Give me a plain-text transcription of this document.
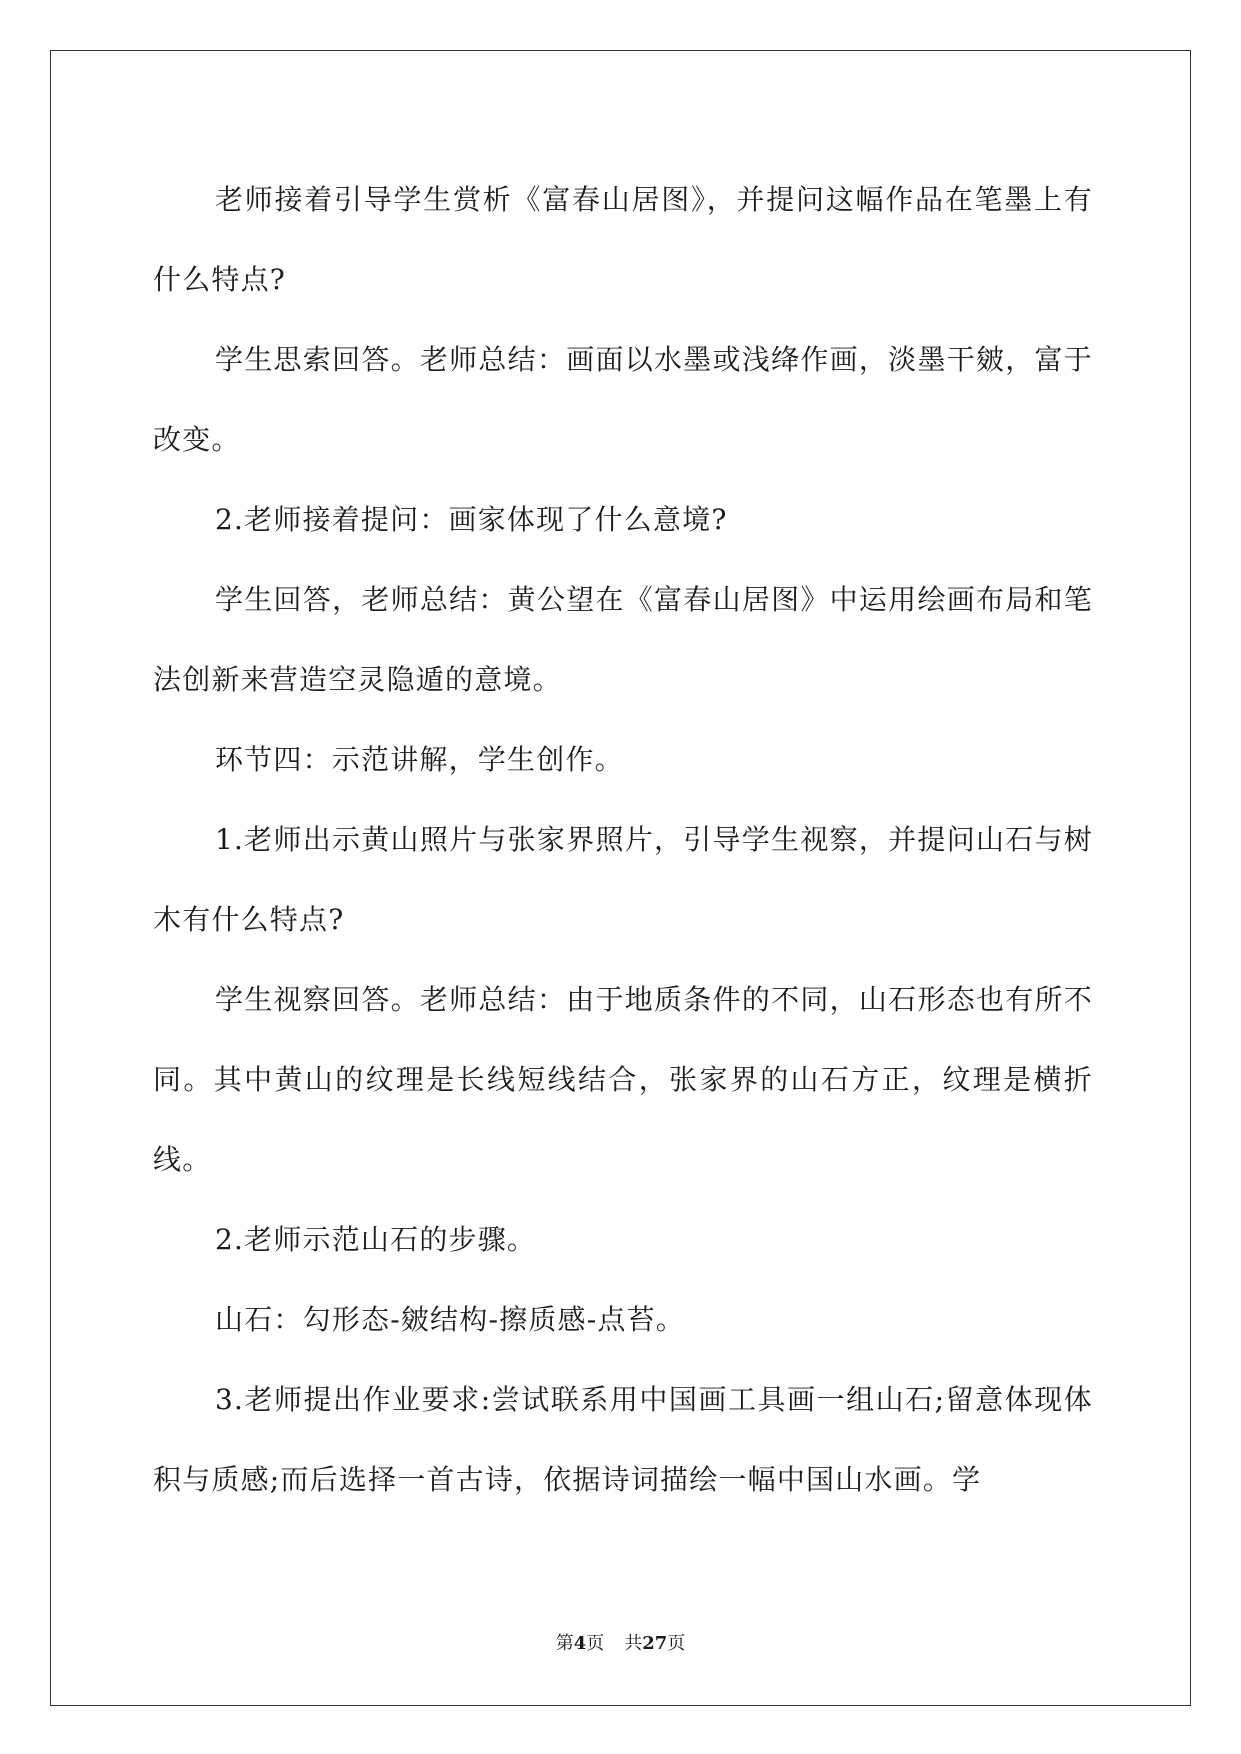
老师接着引导学生赏析《富春山居图》，并提问这幅作品在笔墨上有什么特点?

学生思索回答。老师总结：画面以水墨或浅绛作画，淡墨干皴，富于改变。

2.老师接着提问：画家体现了什么意境?

学生回答，老师总结：黄公望在《富春山居图》中运用绘画布局和笔法创新来营造空灵隐遁的意境。

环节四：示范讲解，学生创作。

1.老师出示黄山照片与张家界照片，引导学生视察，并提问山石与树木有什么特点?

学生视察回答。老师总结：由于地质条件的不同，山石形态也有所不同。其中黄山的纹理是长线短线结合，张家界的山石方正，纹理是横折线。

2.老师示范山石的步骤。

山石：勾形态-皴结构-擦质感-点苔。

3.老师提出作业要求:尝试联系用中国画工具画一组山石;留意体现体积与质感;而后选择一首古诗，依据诗词描绘一幅中国山水画。学

第4页 共27页
